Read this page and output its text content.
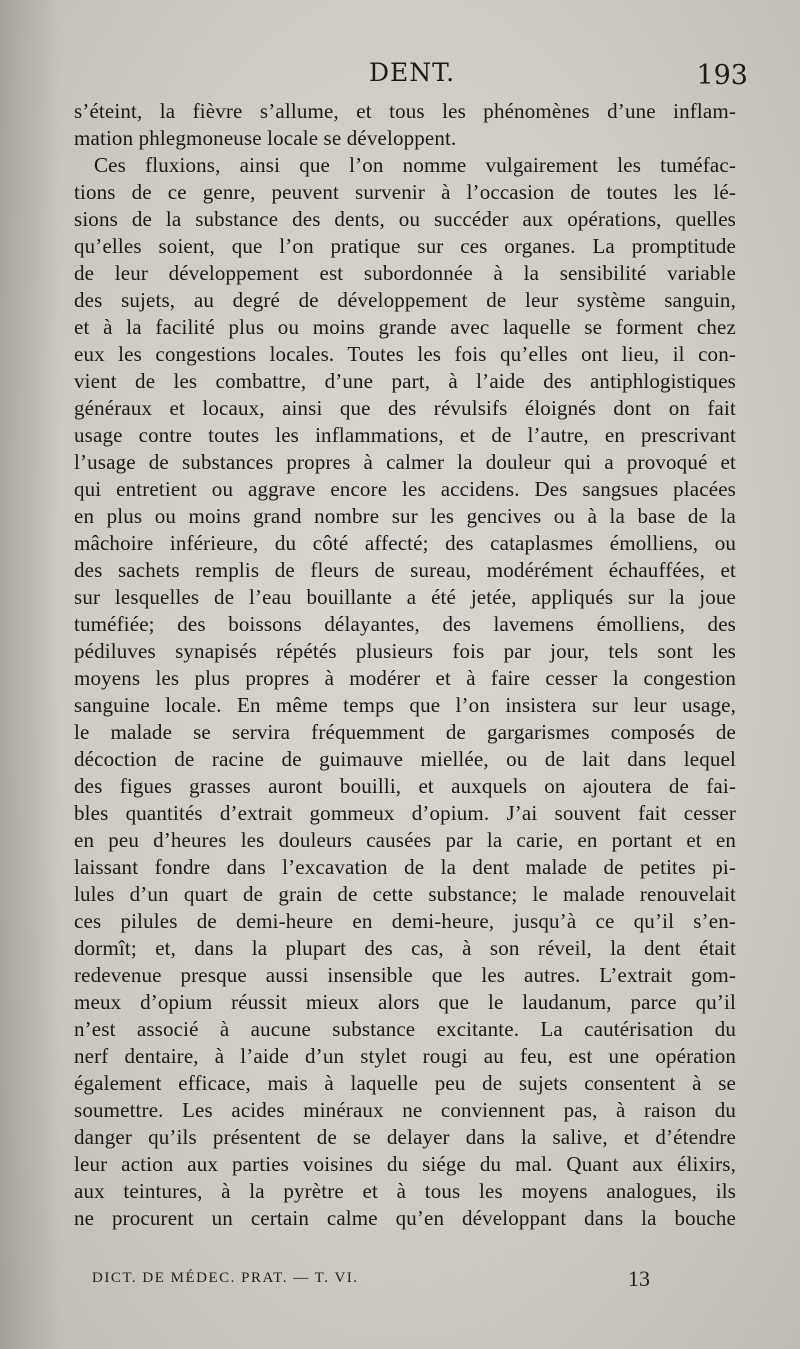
DENT.	193
s’éteint, la fièvre s’allume, et tous les phénomènes d’une inflam-
mation phlegmoneuse locale se développent.
Ces fluxions, ainsi que l’on nomme vulgairement les tuméfac-
tions de ce genre, peuvent survenir à l’occasion de toutes les lé-
sions de la substance des dents, ou succéder aux opérations, quelles
qu’elles soient, que l’on pratique sur ces organes. La promptitude
de leur développement est subordonnée à la sensibilité variable
des sujets, au degré de développement de leur système sanguin,
et à la facilité plus ou moins grande avec laquelle se forment chez
eux les congestions locales. Toutes les fois qu’elles ont lieu, il con-
vient de les combattre, d’une part, à l’aide des antiphlogistiques
généraux et locaux, ainsi que des révulsifs éloignés dont on fait
usage contre toutes les inflammations, et de l’autre, en prescrivant
l’usage de substances propres à calmer la douleur qui a provoqué et
qui entretient ou aggrave encore les accidens. Des sangsues placées
en plus ou moins grand nombre sur les gencives ou à la base de la
mâchoire inférieure, du côté affecté; des cataplasmes émolliens, ou
des sachets remplis de fleurs de sureau, modérément échauffées, et
sur lesquelles de l’eau bouillante a été jetée, appliqués sur la joue
tuméfiée; des boissons délayantes, des lavemens émolliens, des
pédiluves synapisés répétés plusieurs fois par jour, tels sont les
moyens les plus propres à modérer et à faire cesser la congestion
sanguine locale. En même temps que l’on insistera sur leur usage,
le malade se servira fréquemment de gargarismes composés de
décoction de racine de guimauve miellée, ou de lait dans lequel
des figues grasses auront bouilli, et auxquels on ajoutera de fai-
bles quantités d’extrait gommeux d’opium. J’ai souvent fait cesser
en peu d’heures les douleurs causées par la carie, en portant et en
laissant fondre dans l’excavation de la dent malade de petites pi-
lules d’un quart de grain de cette substance; le malade renouvelait
ces pilules de demi-heure en demi-heure, jusqu’à ce qu’il s’en-
dormît; et, dans la plupart des cas, à son réveil, la dent était
redevenue presque aussi insensible que les autres. L’extrait gom-
meux d’opium réussit mieux alors que le laudanum, parce qu’il
n’est associé à aucune substance excitante. La cautérisation du
nerf dentaire, à l’aide d’un stylet rougi au feu, est une opération
également efficace, mais à laquelle peu de sujets consentent à se
soumettre. Les acides minéraux ne conviennent pas, à raison du
danger qu’ils présentent de se delayer dans la salive, et d’étendre
leur action aux parties voisines du siége du mal. Quant aux élixirs,
aux teintures, à la pyrètre et à tous les moyens analogues, ils
ne procurent un certain calme qu’en développant dans la bouche
DICT. DE MÉDEC. PRAT. — T. VI.	13
